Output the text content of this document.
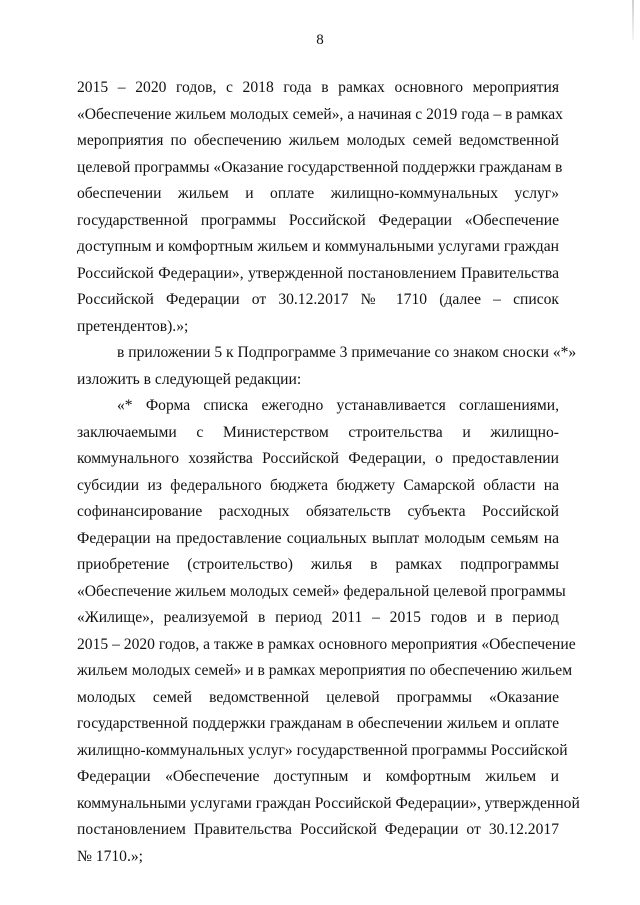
8

2015 – 2020 годов, с 2018 года в рамках основного мероприятия
«Обеспечение жильем молодых семей», а начиная с 2019 года – в рамках
мероприятия по обеспечению жильем молодых семей ведомственной
целевой программы «Оказание государственной поддержки гражданам в
обеспечении жильем и оплате жилищно-коммунальных услуг»
государственной программы Российской Федерации «Обеспечение
доступным и комфортным жильем и коммунальными услугами граждан
Российской Федерации», утвержденной постановлением Правительства
Российской Федерации от 30.12.2017 № 1710 (далее – список
претендентов).»;

в приложении 5 к Подпрограмме 3 примечание со знаком сноски «*»
изложить в следующей редакции:

«* Форма списка ежегодно устанавливается соглашениями,
заключаемыми с Министерством строительства и жилищно-
коммунального хозяйства Российской Федерации, о предоставлении
субсидии из федерального бюджета бюджету Самарской области на
софинансирование расходных обязательств субъекта Российской
Федерации на предоставление социальных выплат молодым семьям на
приобретение (строительство) жилья в рамках подпрограммы
«Обеспечение жильем молодых семей» федеральной целевой программы
«Жилище», реализуемой в период 2011 – 2015 годов и в период
2015 – 2020 годов, а также в рамках основного мероприятия «Обеспечение
жильем молодых семей» и в рамках мероприятия по обеспечению жильем
молодых семей ведомственной целевой программы «Оказание
государственной поддержки гражданам в обеспечении жильем и оплате
жилищно-коммунальных услуг» государственной программы Российской
Федерации «Обеспечение доступным и комфортным жильем и
коммунальными услугами граждан Российской Федерации», утвержденной
постановлением Правительства Российской Федерации от 30.12.2017
№ 1710.»;
